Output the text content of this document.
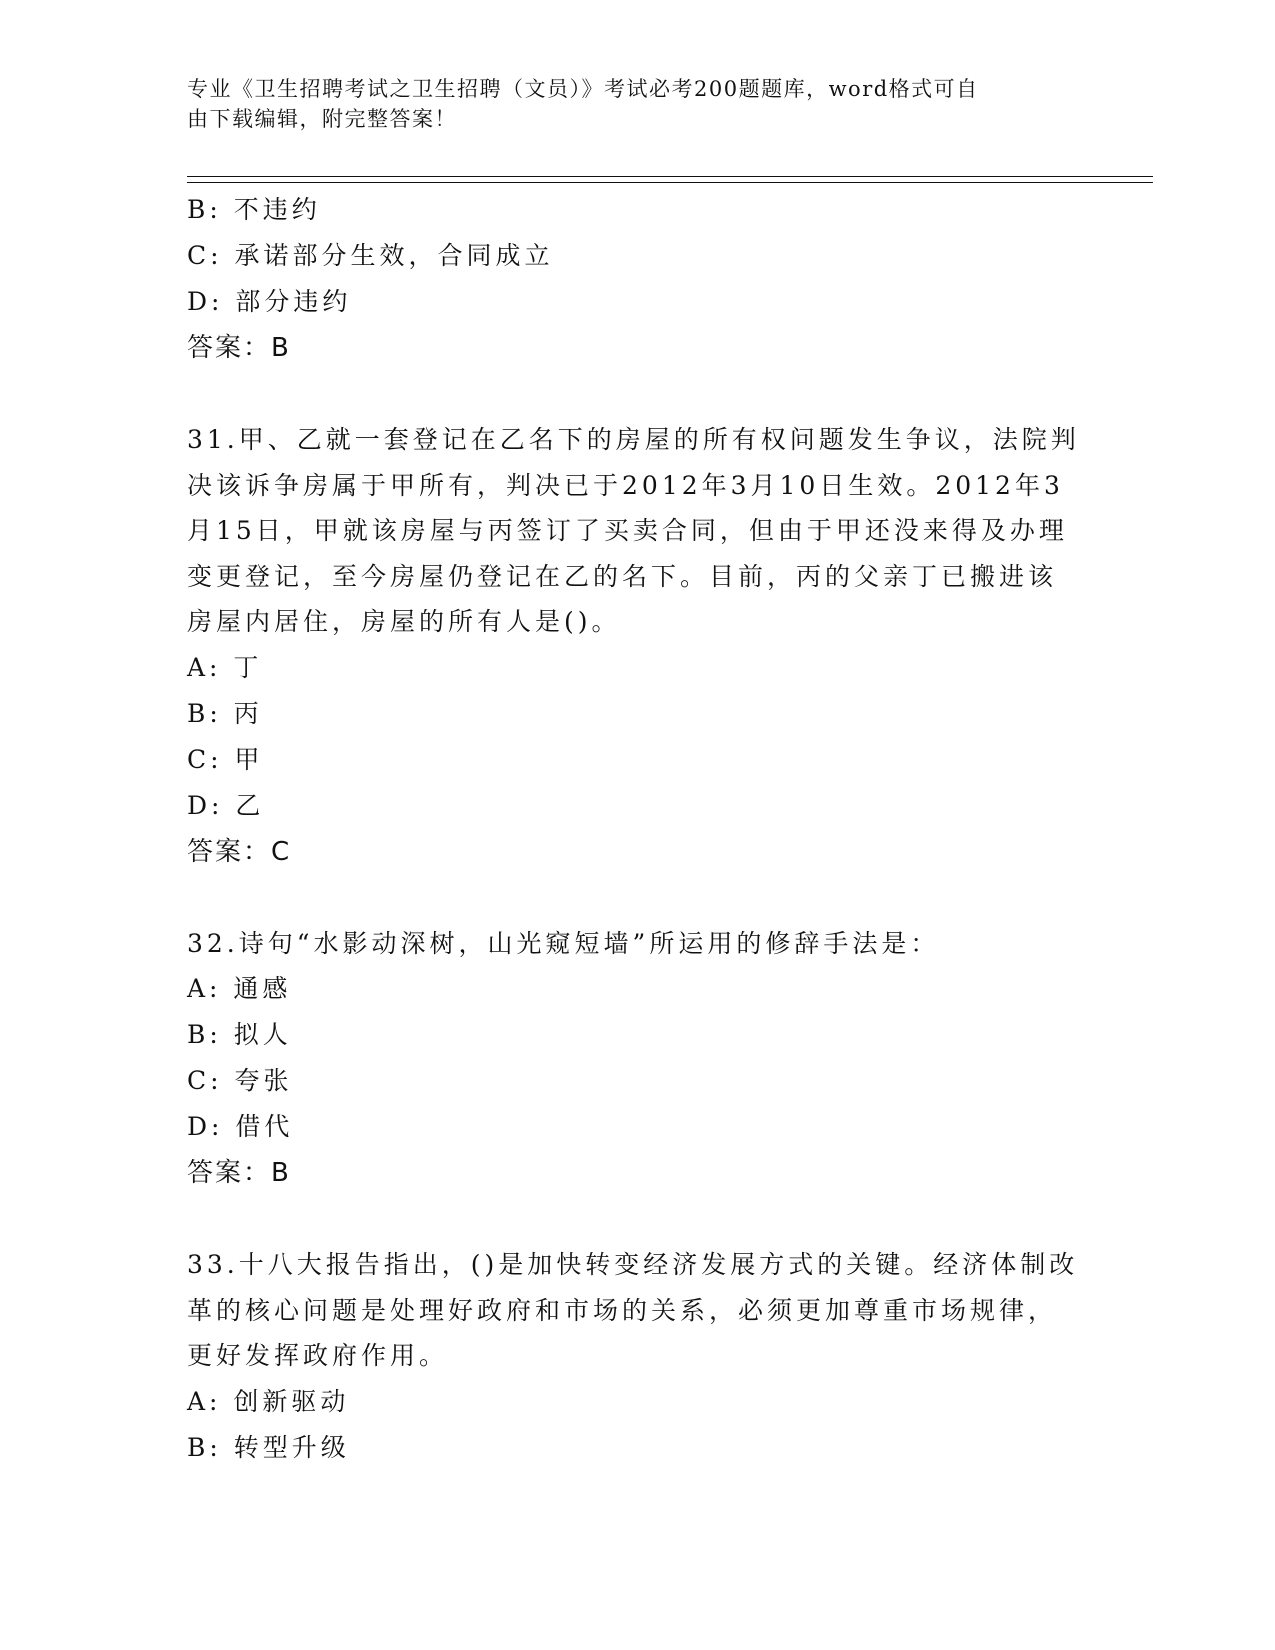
专业《卫生招聘考试之卫生招聘（文员）》考试必考200题题库，word格式可自
由下载编辑，附完整答案！
B: 不违约
C: 承诺部分生效，合同成立
D: 部分违约
答案：B
31.甲、乙就一套登记在乙名下的房屋的所有权问题发生争议，法院判
决该诉争房属于甲所有，判决已于2012年3月10日生效。2012年3
月15日，甲就该房屋与丙签订了买卖合同，但由于甲还没来得及办理
变更登记，至今房屋仍登记在乙的名下。目前，丙的父亲丁已搬进该
房屋内居住，房屋的所有人是()。
A: 丁
B: 丙
C: 甲
D: 乙
答案：C
32.诗句“水影动深树，山光窥短墙”所运用的修辞手法是：
A: 通感
B: 拟人
C: 夸张
D: 借代
答案：B
33.十八大报告指出，()是加快转变经济发展方式的关键。经济体制改
革的核心问题是处理好政府和市场的关系，必须更加尊重市场规律，
更好发挥政府作用。
A: 创新驱动
B: 转型升级
